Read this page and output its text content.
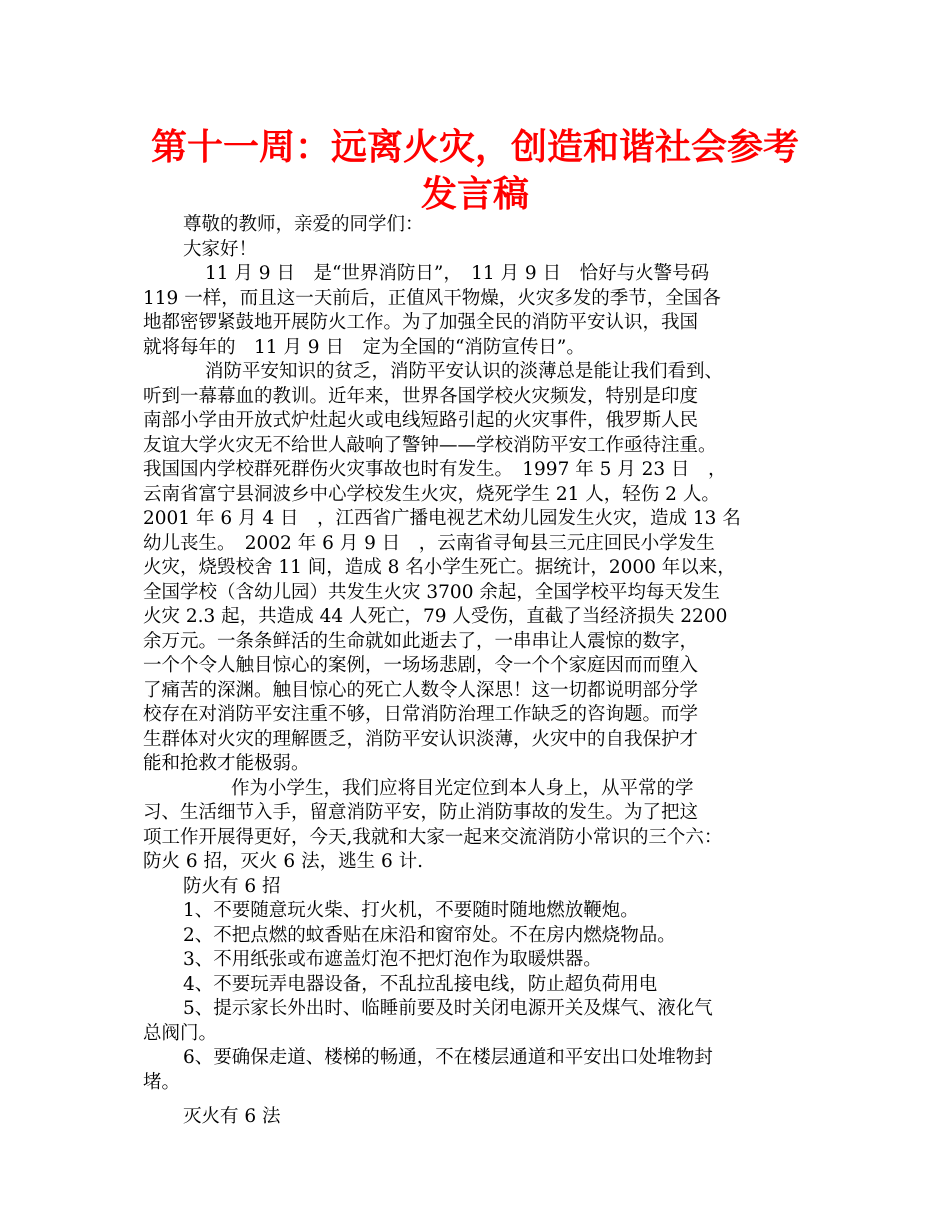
第十一周：远离火灾，创造和谐社会参考
发言稿

尊敬的教师，亲爱的同学们：

大家好！

11 月 9 日　是“世界消防日”，　11 月 9 日　恰好与火警号码

119 一样，而且这一天前后，正值风干物燥，火灾多发的季节，全国各

地都密锣紧鼓地开展防火工作。为了加强全民的消防平安认识，我国

就将每年的　11 月 9 日　定为全国的“消防宣传日”。

消防平安知识的贫乏，消防平安认识的淡薄总是能让我们看到、

听到一幕幕血的教训。近年来，世界各国学校火灾频发，特别是印度

南部小学由开放式炉灶起火或电线短路引起的火灾事件，俄罗斯人民

友谊大学火灾无不给世人敲响了警钟——学校消防平安工作亟待注重。

我国国内学校群死群伤火灾事故也时有发生。　1997 年 5 月 23 日　，

云南省富宁县洞波乡中心学校发生火灾，烧死学生 21 人，轻伤 2 人。

2001 年 6 月 4 日　，江西省广播电视艺术幼儿园发生火灾，造成 13 名

幼儿丧生。　2002 年 6 月 9 日　，云南省寻甸县三元庄回民小学发生

火灾，烧毁校舍 11 间，造成 8 名小学生死亡。据统计，2000 年以来，

全国学校（含幼儿园）共发生火灾 3700 余起，全国学校平均每天发生

火灾 2.3 起，共造成 44 人死亡，79 人受伤，直截了当经济损失 2200

余万元。一条条鲜活的生命就如此逝去了，一串串让人震惊的数字，

一个个令人触目惊心的案例，一场场悲剧，令一个个家庭因而而堕入

了痛苦的深渊。触目惊心的死亡人数令人深思！这一切都说明部分学

校存在对消防平安注重不够，日常消防治理工作缺乏的咨询题。而学

生群体对火灾的理解匮乏，消防平安认识淡薄，火灾中的自我保护才

能和抢救才能极弱。

作为小学生，我们应将目光定位到本人身上，从平常的学

习、生活细节入手，留意消防平安，防止消防事故的发生。为了把这

项工作开展得更好，今天,我就和大家一起来交流消防小常识的三个六：

防火 6 招，灭火 6 法，逃生 6 计.

防火有 6 招

1、不要随意玩火柴、打火机，不要随时随地燃放鞭炮。

2、不把点燃的蚊香贴在床沿和窗帘处。不在房内燃烧物品。

3、不用纸张或布遮盖灯泡不把灯泡作为取暖烘器。

4、不要玩弄电器设备，不乱拉乱接电线，防止超负荷用电

5、提示家长外出时、临睡前要及时关闭电源开关及煤气、液化气

总阀门。

6、要确保走道、楼梯的畅通，不在楼层通道和平安出口处堆物封

堵。

灭火有 6 法
